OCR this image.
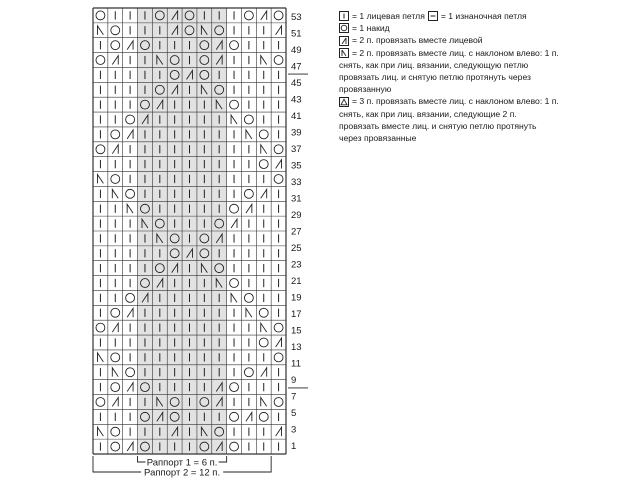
53
51
49
47
45
43
41
39
37
35
33
31
29
27
25
23
21
19
17
15
13
11
9
7
5
3
1
Раппорт 1 = 6 п.
Раппорт 2 = 12 п.
= 1 лицевая петля = 1 изнаночная петля
= 1 накид
= 2 п. провязать вместе лицевой
= 2 п. провязать вместе лиц. с наклоном влево: 1 п. снять, как при лиц. вязании, следующую петлю провязать лиц. и снятую петлю протянуть через провязанную
= 3 п. провязать вместе лиц. с наклоном влево: 1 п. снять, как при лиц. вязании, следующие 2 п. провязать вместе лиц. и снятую петлю протянуть через провязанные
